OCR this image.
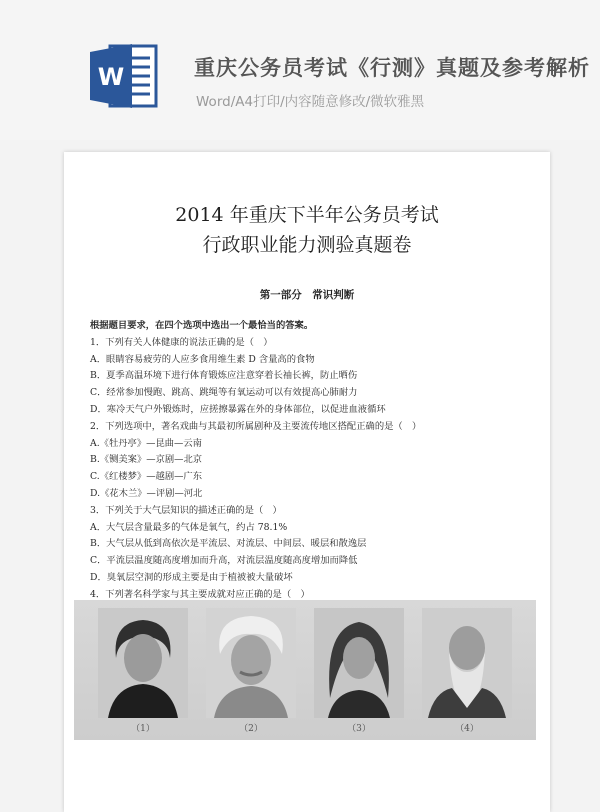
W	重庆公务员考试《行测》真题及参考解析
Word/A4打印/内容随意修改/微软雅黑
2014 年重庆下半年公务员考试
行政职业能力测验真题卷
第一部分　常识判断
根据题目要求，在四个选项中选出一个最恰当的答案。
1．下列有关人体健康的说法正确的是（　）
A．眼睛容易疲劳的人应多食用维生素 D 含量高的食物
B．夏季高温环境下进行体育锻炼应注意穿着长袖长裤，防止晒伤
C．经常参加慢跑、跳高、跳绳等有氧运动可以有效提高心肺耐力
D．寒冷天气户外锻炼时，应搓擦暴露在外的身体部位，以促进血液循环
2．下列选项中，著名戏曲与其最初所属剧种及主要流传地区搭配正确的是（　）
A.《牡丹亭》—昆曲—云南
B.《铡美案》—京剧—北京
C.《红楼梦》—越剧—广东
D.《花木兰》—评剧—河北
3．下列关于大气层知识的描述正确的是（　）
A．大气层含量最多的气体是氧气，约占 78.1%
B．大气层从低到高依次是平流层、对流层、中间层、暖层和散逸层
C．平流层温度随高度增加而升高，对流层温度随高度增加而降低
D．臭氧层空洞的形成主要是由于植被被大量破坏
4．下列著名科学家与其主要成就对应正确的是（　）
（1）	（2）	（3）	（4）
